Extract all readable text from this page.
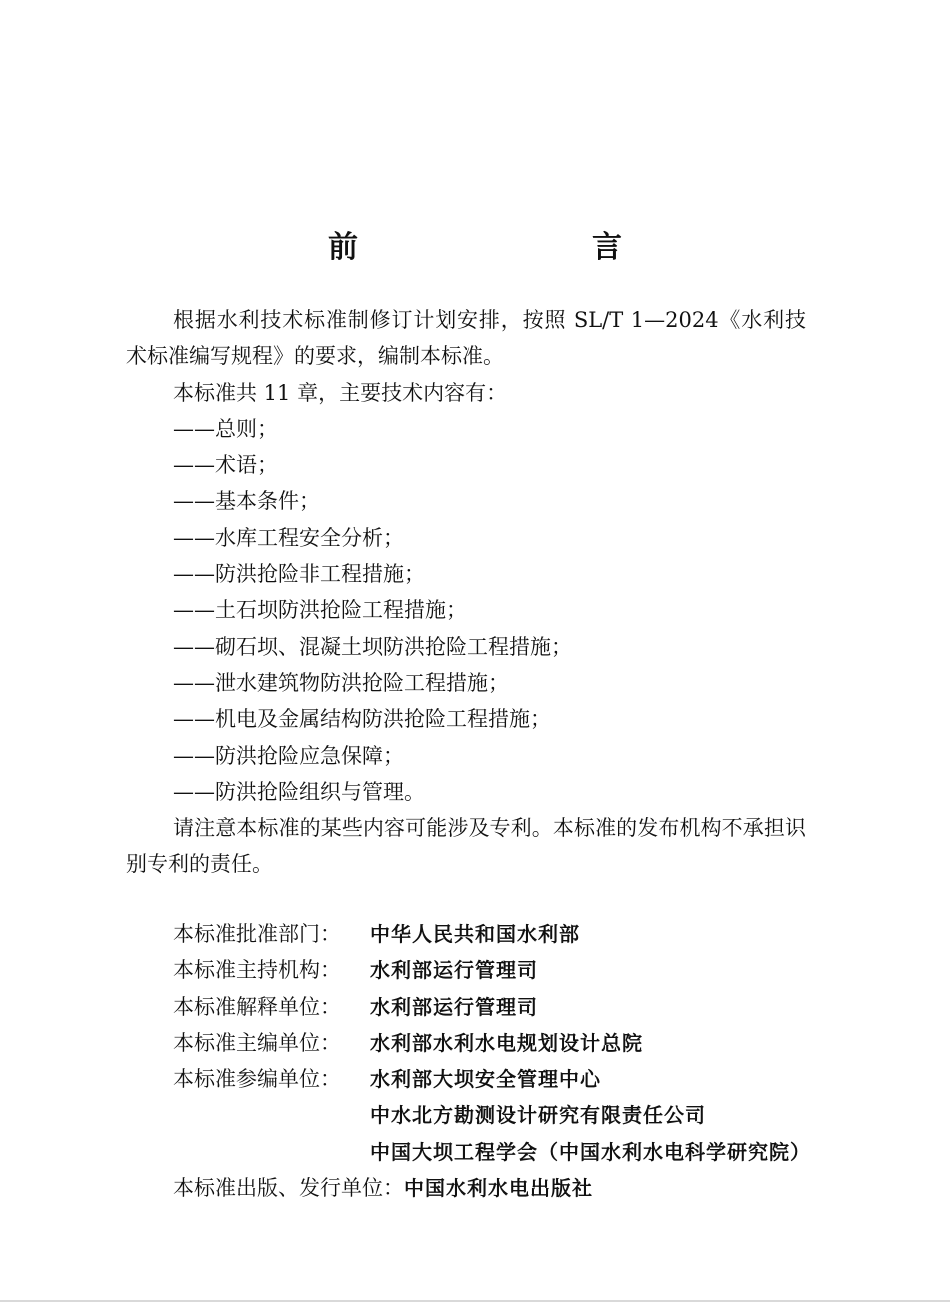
前　　言

根据水利技术标准制修订计划安排，按照 SL/T 1—2024《水利技术标准编写规程》的要求，编制本标准。

本标准共 11 章，主要技术内容有：

——总则；
——术语；
——基本条件；
——水库工程安全分析；
——防洪抢险非工程措施；
——土石坝防洪抢险工程措施；
——砌石坝、混凝土坝防洪抢险工程措施；
——泄水建筑物防洪抢险工程措施；
——机电及金属结构防洪抢险工程措施；
——防洪抢险应急保障；
——防洪抢险组织与管理。

请注意本标准的某些内容可能涉及专利。本标准的发布机构不承担识别专利的责任。

本标准批准部门：	中华人民共和国水利部
本标准主持机构：	水利部运行管理司
本标准解释单位：	水利部运行管理司
本标准主编单位：	水利部水利水电规划设计总院
本标准参编单位：	水利部大坝安全管理中心
中水北方勘测设计研究有限责任公司
中国大坝工程学会（中国水利水电科学研究院）
本标准出版、发行单位： 中国水利水电出版社
